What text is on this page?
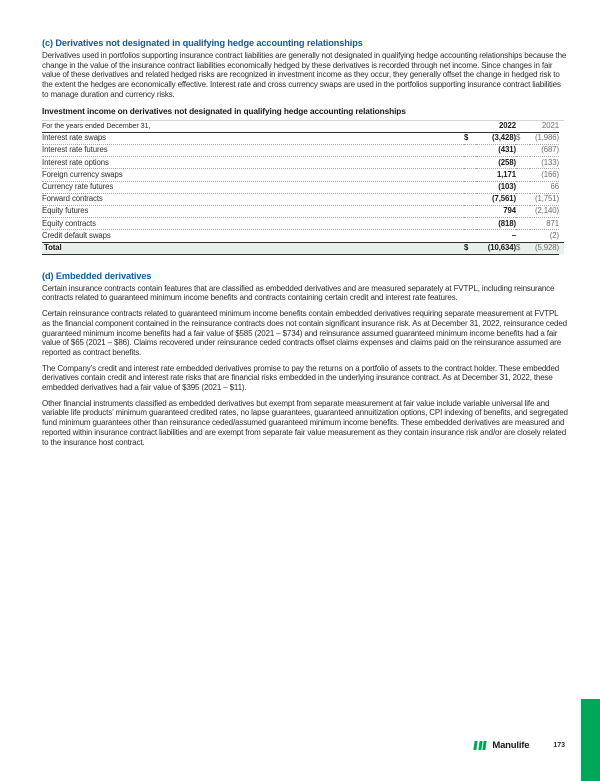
(c) Derivatives not designated in qualifying hedge accounting relationships

Derivatives used in portfolios supporting insurance contract liabilities are generally not designated in qualifying hedge accounting relationships because the change in the value of the insurance contract liabilities economically hedged by these derivatives is recorded through net income. Since changes in fair value of these derivatives and related hedged risks are recognized in investment income as they occur, they generally offset the change in hedged risk to the extent the hedges are economically effective. Interest rate and cross currency swaps are used in the portfolios supporting insurance contract liabilities to manage duration and currency risks.

Investment income on derivatives not designated in qualifying hedge accounting relationships
For the years ended December 31,	2022		2021		
Interest rate swaps	$	(3,428)	$	(1,986)	
Interest rate futures		(431)		(687)	
Interest rate options		(258)		(133)	
Foreign currency swaps		1,171		(166)	
Currency rate futures		(103)		66	
Forward contracts		(7,561)		(1,751)	
Equity futures		794		(2,140)	
Equity contracts		(818)		871	
Credit default swaps		–		(2)	
Total	$	(10,634)	$	(5,928)	
(d) Embedded derivatives

Certain insurance contracts contain features that are classified as embedded derivatives and are measured separately at FVTPL, including reinsurance contracts related to guaranteed minimum income benefits and contracts containing certain credit and interest rate features.

Certain reinsurance contracts related to guaranteed minimum income benefits contain embedded derivatives requiring separate measurement at FVTPL as the financial component contained in the reinsurance contracts does not contain significant insurance risk. As at December 31, 2022, reinsurance ceded guaranteed minimum income benefits had a fair value of $585 (2021 – $734) and reinsurance assumed guaranteed minimum income benefits had a fair value of $65 (2021 – $86). Claims recovered under reinsurance ceded contracts offset claims expenses and claims paid on the reinsurance assumed are reported as contract benefits.

The Company’s credit and interest rate embedded derivatives promise to pay the returns on a portfolio of assets to the contract holder. These embedded derivatives contain credit and interest rate risks that are financial risks embedded in the underlying insurance contract. As at December 31, 2022, these embedded derivatives had a fair value of $395 (2021 – $11).

Other financial instruments classified as embedded derivatives but exempt from separate measurement at fair value include variable universal life and variable life products’ minimum guaranteed credited rates, no lapse guarantees, guaranteed annuitization options, CPI indexing of benefits, and segregated fund minimum guarantees other than reinsurance ceded/assumed guaranteed minimum income benefits. These embedded derivatives are measured and reported within insurance contract liabilities and are exempt from separate fair value measurement as they contain insurance risk and/or are closely related to the insurance host contract.

Manulife	173
